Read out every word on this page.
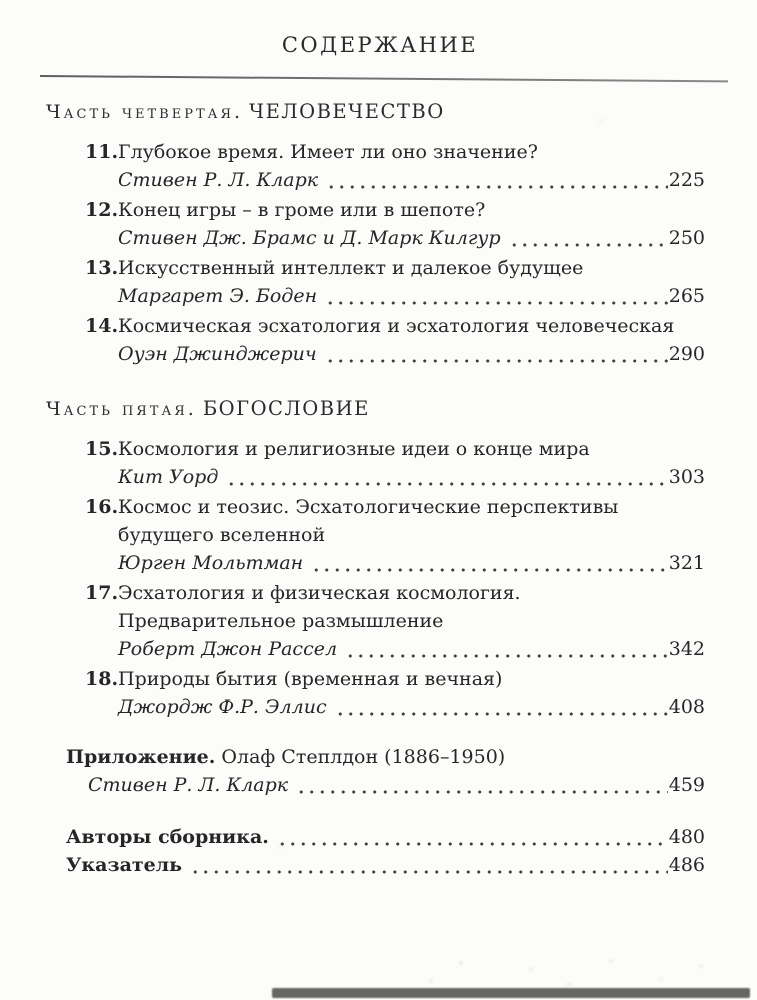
СОДЕРЖАНИЕ
Часть четвертая. ЧЕЛОВЕЧЕСТВО
11. Глубокое время. Имеет ли оно значение?
Стивен Р. Л. Кларк	225
12. Конец игры – в громе или в шепоте?
Стивен Дж. Брамс и Д. Марк Килгур	250
13. Искусственный интеллект и далекое будущее
Маргарет Э. Боден	265
14. Космическая эсхатология и эсхатология человеческая
Оуэн Джинджерич	290
Часть пятая. БОГОСЛОВИЕ
15. Космология и религиозные идеи о конце мира
Кит Уорд	303
16. Космос и теозис. Эсхатологические перспективы
будущего вселенной
Юрген Мольтман	321
17. Эсхатология и физическая космология.
Предварительное размышление
Роберт Джон Рассел	342
18. Природы бытия (временная и вечная)
Джордж Ф.Р. Эллис	408
Приложение. Олаф Степлдон (1886–1950)
Стивен Р. Л. Кларк	459
Авторы сборника.	480
Указатель	486
